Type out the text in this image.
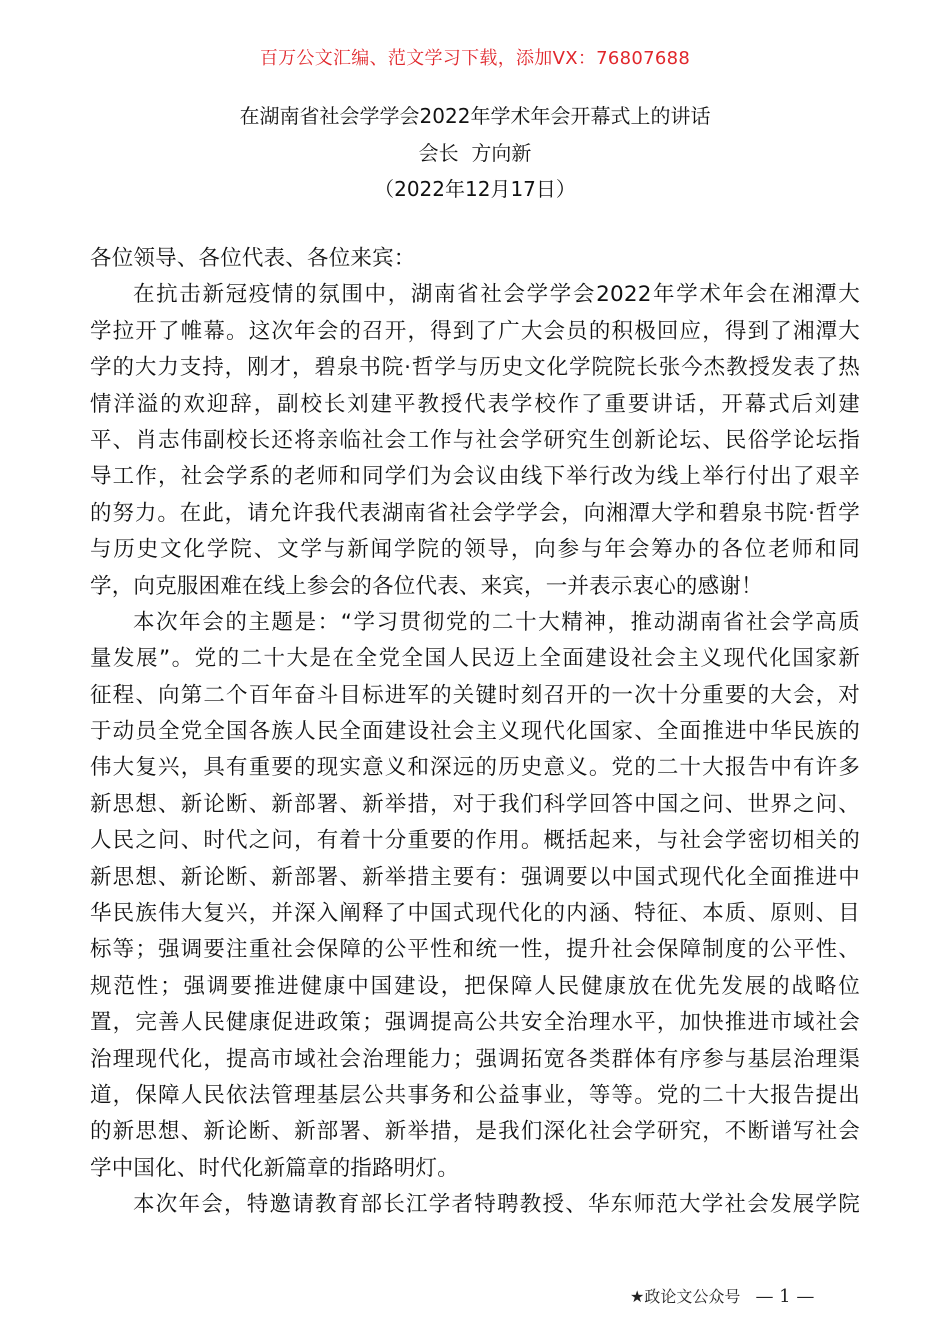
百万公文汇编、范文学习下载，添加VX：76807688
在湖南省社会学学会2022年学术年会开幕式上的讲话
会长  方向新
（2022年12月17日）
各位领导、各位代表、各位来宾：
在抗击新冠疫情的氛围中，湖南省社会学学会2022年学术年会在湘潭大
学拉开了帷幕。这次年会的召开，得到了广大会员的积极回应，得到了湘潭大
学的大力支持，刚才，碧泉书院·哲学与历史文化学院院长张今杰教授发表了热
情洋溢的欢迎辞，副校长刘建平教授代表学校作了重要讲话，开幕式后刘建
平、肖志伟副校长还将亲临社会工作与社会学研究生创新论坛、民俗学论坛指
导工作，社会学系的老师和同学们为会议由线下举行改为线上举行付出了艰辛
的努力。在此，请允许我代表湖南省社会学学会，向湘潭大学和碧泉书院·哲学
与历史文化学院、文学与新闻学院的领导，向参与年会筹办的各位老师和同
学，向克服困难在线上参会的各位代表、来宾，一并表示衷心的感谢！
本次年会的主题是：“学习贯彻党的二十大精神，推动湖南省社会学高质
量发展”。党的二十大是在全党全国人民迈上全面建设社会主义现代化国家新
征程、向第二个百年奋斗目标进军的关键时刻召开的一次十分重要的大会，对
于动员全党全国各族人民全面建设社会主义现代化国家、全面推进中华民族的
伟大复兴，具有重要的现实意义和深远的历史意义。党的二十大报告中有许多
新思想、新论断、新部署、新举措，对于我们科学回答中国之问、世界之问、
人民之问、时代之问，有着十分重要的作用。概括起来，与社会学密切相关的
新思想、新论断、新部署、新举措主要有：强调要以中国式现代化全面推进中
华民族伟大复兴，并深入阐释了中国式现代化的内涵、特征、本质、原则、目
标等；强调要注重社会保障的公平性和统一性，提升社会保障制度的公平性、
规范性；强调要推进健康中国建设，把保障人民健康放在优先发展的战略位
置，完善人民健康促进政策；强调提高公共安全治理水平，加快推进市域社会
治理现代化，提高市域社会治理能力；强调拓宽各类群体有序参与基层治理渠
道，保障人民依法管理基层公共事务和公益事业，等等。党的二十大报告提出
的新思想、新论断、新部署、新举措，是我们深化社会学研究，不断谱写社会
学中国化、时代化新篇章的指路明灯。
本次年会，特邀请教育部长江学者特聘教授、华东师范大学社会发展学院
★政论文公众号 — 1 —
